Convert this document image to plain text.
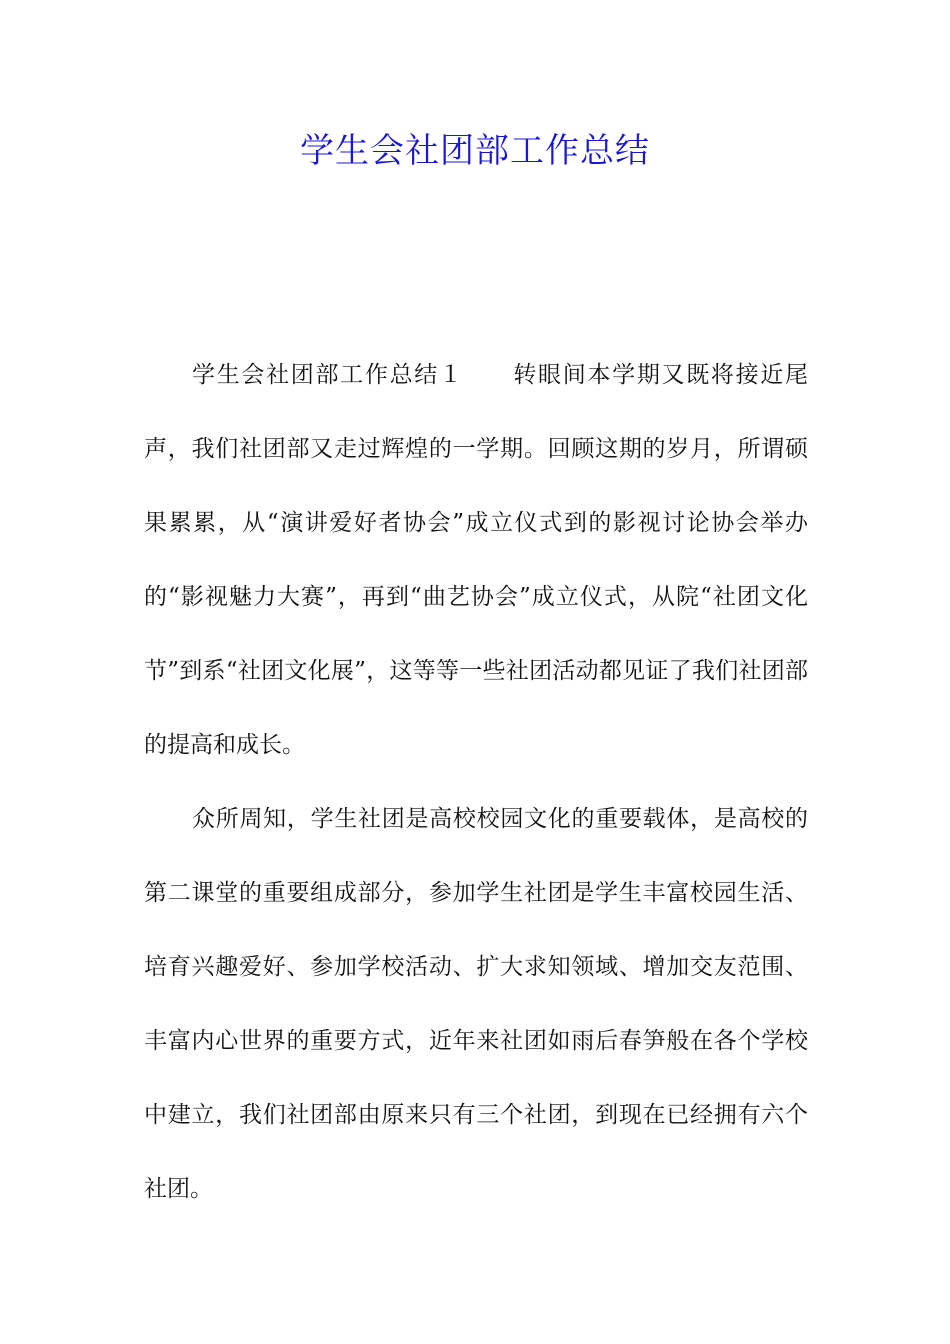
学生会社团部工作总结

学生会社团部工作总结１ 转眼间本学期又既将接近尾声，我们社团部又走过辉煌的一学期。回顾这期的岁月，所谓硕果累累，从“演讲爱好者协会”成立仪式到的影视讨论协会举办的“影视魅力大赛”，再到“曲艺协会”成立仪式，从院“社团文化节”到系“社团文化展”，这等等一些社团活动都见证了我们社团部的提高和成长。

众所周知，学生社团是高校校园文化的重要载体，是高校的第二课堂的重要组成部分，参加学生社团是学生丰富校园生活、培育兴趣爱好、参加学校活动、扩大求知领域、增加交友范围、丰富内心世界的重要方式，近年来社团如雨后春笋般在各个学校中建立，我们社团部由原来只有三个社团，到现在已经拥有六个社团。
